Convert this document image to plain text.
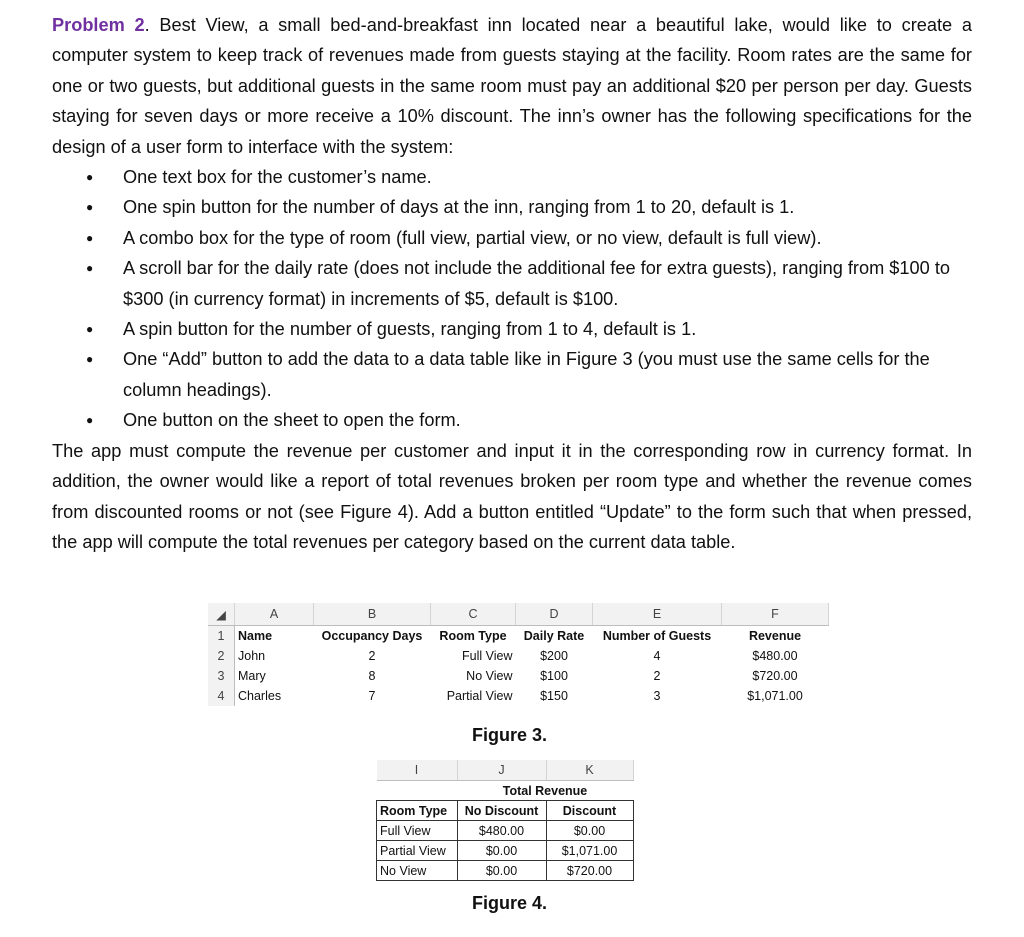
Problem 2. Best View, a small bed-and-breakfast inn located near a beautiful lake, would like to create a computer system to keep track of revenues made from guests staying at the facility. Room rates are the same for one or two guests, but additional guests in the same room must pay an additional $20 per person per day. Guests staying for seven days or more receive a 10% discount. The inn’s owner has the following specifications for the design of a user form to interface with the system:

● One text box for the customer’s name.
● One spin button for the number of days at the inn, ranging from 1 to 20, default is 1.
● A combo box for the type of room (full view, partial view, or no view, default is full view).
● A scroll bar for the daily rate (does not include the additional fee for extra guests), ranging from $100 to $300 (in currency format) in increments of $5, default is $100.
● A spin button for the number of guests, ranging from 1 to 4, default is 1.
● One “Add” button to add the data to a data table like in Figure 3 (you must use the same cells for the column headings).
● One button on the sheet to open the form.

The app must compute the revenue per customer and input it in the corresponding row in currency format. In addition, the owner would like a report of total revenues broken per room type and whether the revenue comes from discounted rooms or not (see Figure 4). Add a button entitled “Update” to the form such that when pressed, the app will compute the total revenues per category based on the current data table.

◢	A	B	C	D	E	F
1	Name	Occupancy Days	Room Type	Daily Rate	Number of Guests	Revenue
2	John	2	Full View	$200	4	$480.00
3	Mary	8	No View	$100	2	$720.00
4	Charles	7	Partial View	$150	3	$1,071.00
Figure 3.
I	J	K
	Total Revenue	
Room Type	No Discount	Discount
Full View	$480.00	$0.00
Partial View	$0.00	$1,071.00
No View	$0.00	$720.00
Figure 4.
